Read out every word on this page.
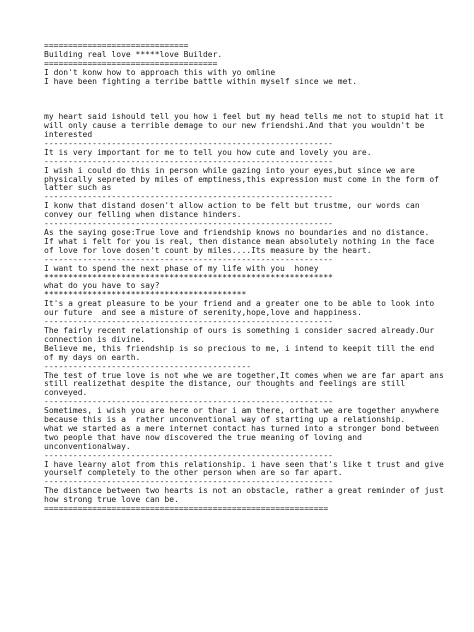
==============================
Building real love *****love Builder.
====================================
I don't konw how to approach this with yo omline
I have been fighting a terribe battle within myself since we met.
my heart said ishould tell you how i feel but my head tells me not to stupid hat it
will only cause a terrible demage to our new friendshi.And that you wouldn't be
interested
------------------------------------------------------------
It is very important for me to tell you how cute and lovely you are.
------------------------------------------------------------
I wish i could do this in person while gazing into your eyes,but since we are
physically sepreted by miles of emptiness,this expression must come in the form of
latter such as
------------------------------------------------------------
I konw that distand dosen't allow action to be felt but trustme, our words can
convey our felling when distance hinders.
------------------------------------------------------------
As the saying gose:True love and friendship knows no boundaries and no distance.
If what i felt for you is real, then distance mean absolutely nothing in the face
of love for love dosen't count by miles....Its measure by the heart.
------------------------------------------------------------
I want to spend the next phase of my life with you  honey
************************************************************
what do you have to say?
******************************************
It's a great pleasure to be your friend and a greater one to be able to look into
our future  and see a misture of serenity,hope,love and happiness.
------------------------------------------------------------
The fairly recent relationship of ours is something i consider sacred already.Our
connection is divine.
Believe me, this friendship is so precious to me, i intend to keepit till the end
of my days on earth.
-------------------------------------------
The test of true love is not whe we are together,It comes when we are far apart ans
still realizethat despite the distance, our thoughts and feelings are still
conveyed.
------------------------------------------------------------
Sometimes, i wish you are here or thar i am there, orthat we are together anywhere
because this is a  rather unconventional way of starting up a relationship.
what we started as a mere internet contact has turned into a stronger bond between
two people that have now discovered the true meaning of loving and
unconventionalway.
------------------------------------------------------------
I have learny alot from this relationship. i have seen that's like t trust and give
yourself completely to the other person when are so far apart.
------------------------------------------------------------
The distance between two hearts is not an obstacle, rather a great reminder of just
how strong true love can be.
===========================================================
